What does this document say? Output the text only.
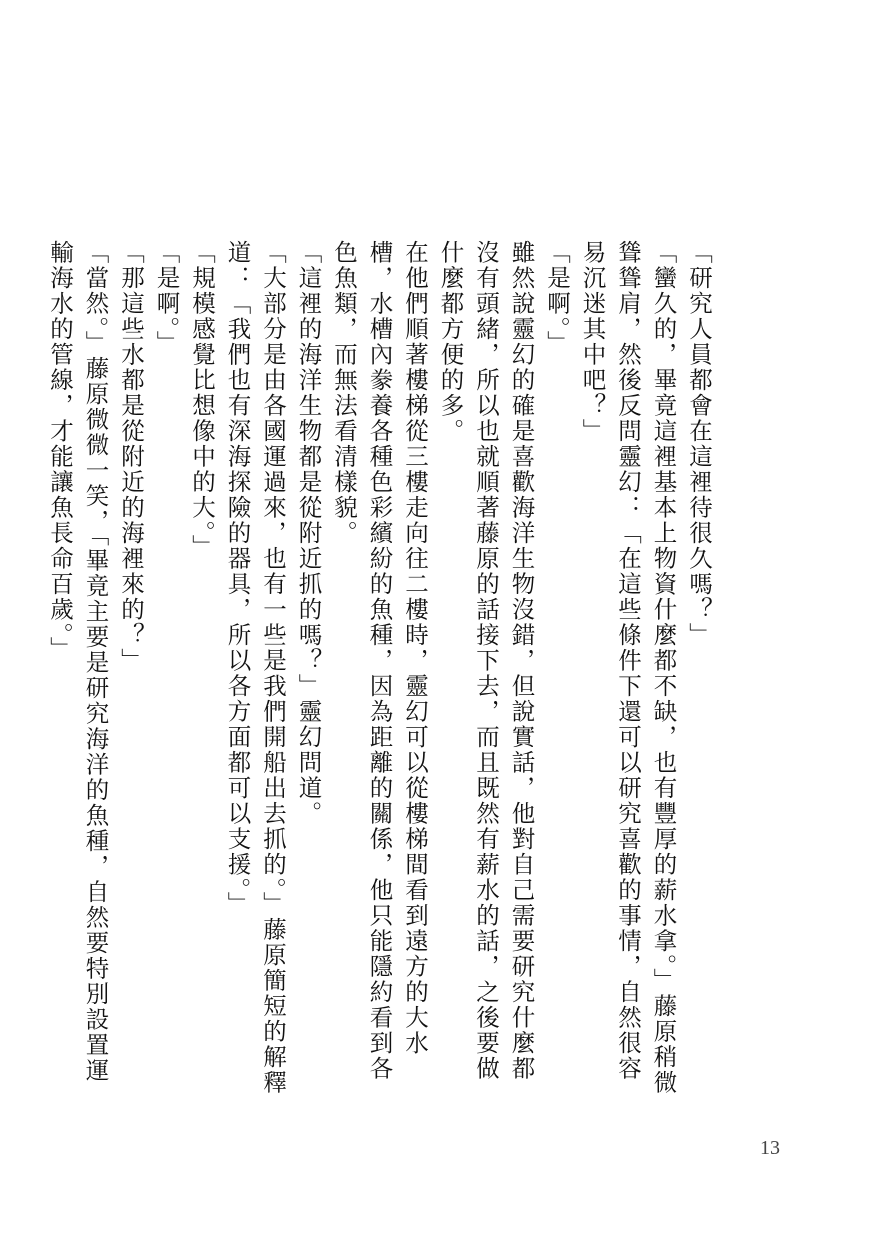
「研究人員都會在這裡待很久嗎？」

「蠻久的，畢竟這裡基本上物資什麼都不缺，也有豐厚的薪水拿。」藤原稍微聳聳肩，然後反問靈幻：「在這些條件下還可以研究喜歡的事情，自然很容易沉迷其中吧？」

「是啊。」

雖然說靈幻的確是喜歡海洋生物沒錯，但說實話，他對自己需要研究什麼都沒有頭緒，所以也就順著藤原的話接下去，而且既然有薪水的話，之後要做什麼都方便的多。

在他們順著樓梯從三樓走向往二樓時，靈幻可以從樓梯間看到遠方的大水槽，水槽內豢養各種色彩繽紛的魚種，因為距離的關係，他只能隱約看到各色魚類，而無法看清樣貌。

「這裡的海洋生物都是從附近抓的嗎？」靈幻問道。

「大部分是由各國運過來，也有一些是我們開船出去抓的。」藤原簡短的解釋道：「我們也有深海探險的器具，所以各方面都可以支援。」

「規模感覺比想像中的大。」

「是啊。」

「那這些水都是從附近的海裡來的？」

「當然。」藤原微微一笑，「畢竟主要是研究海洋的魚種，自然要特別設置運輸海水的管線，才能讓魚長命百歲。」

13
